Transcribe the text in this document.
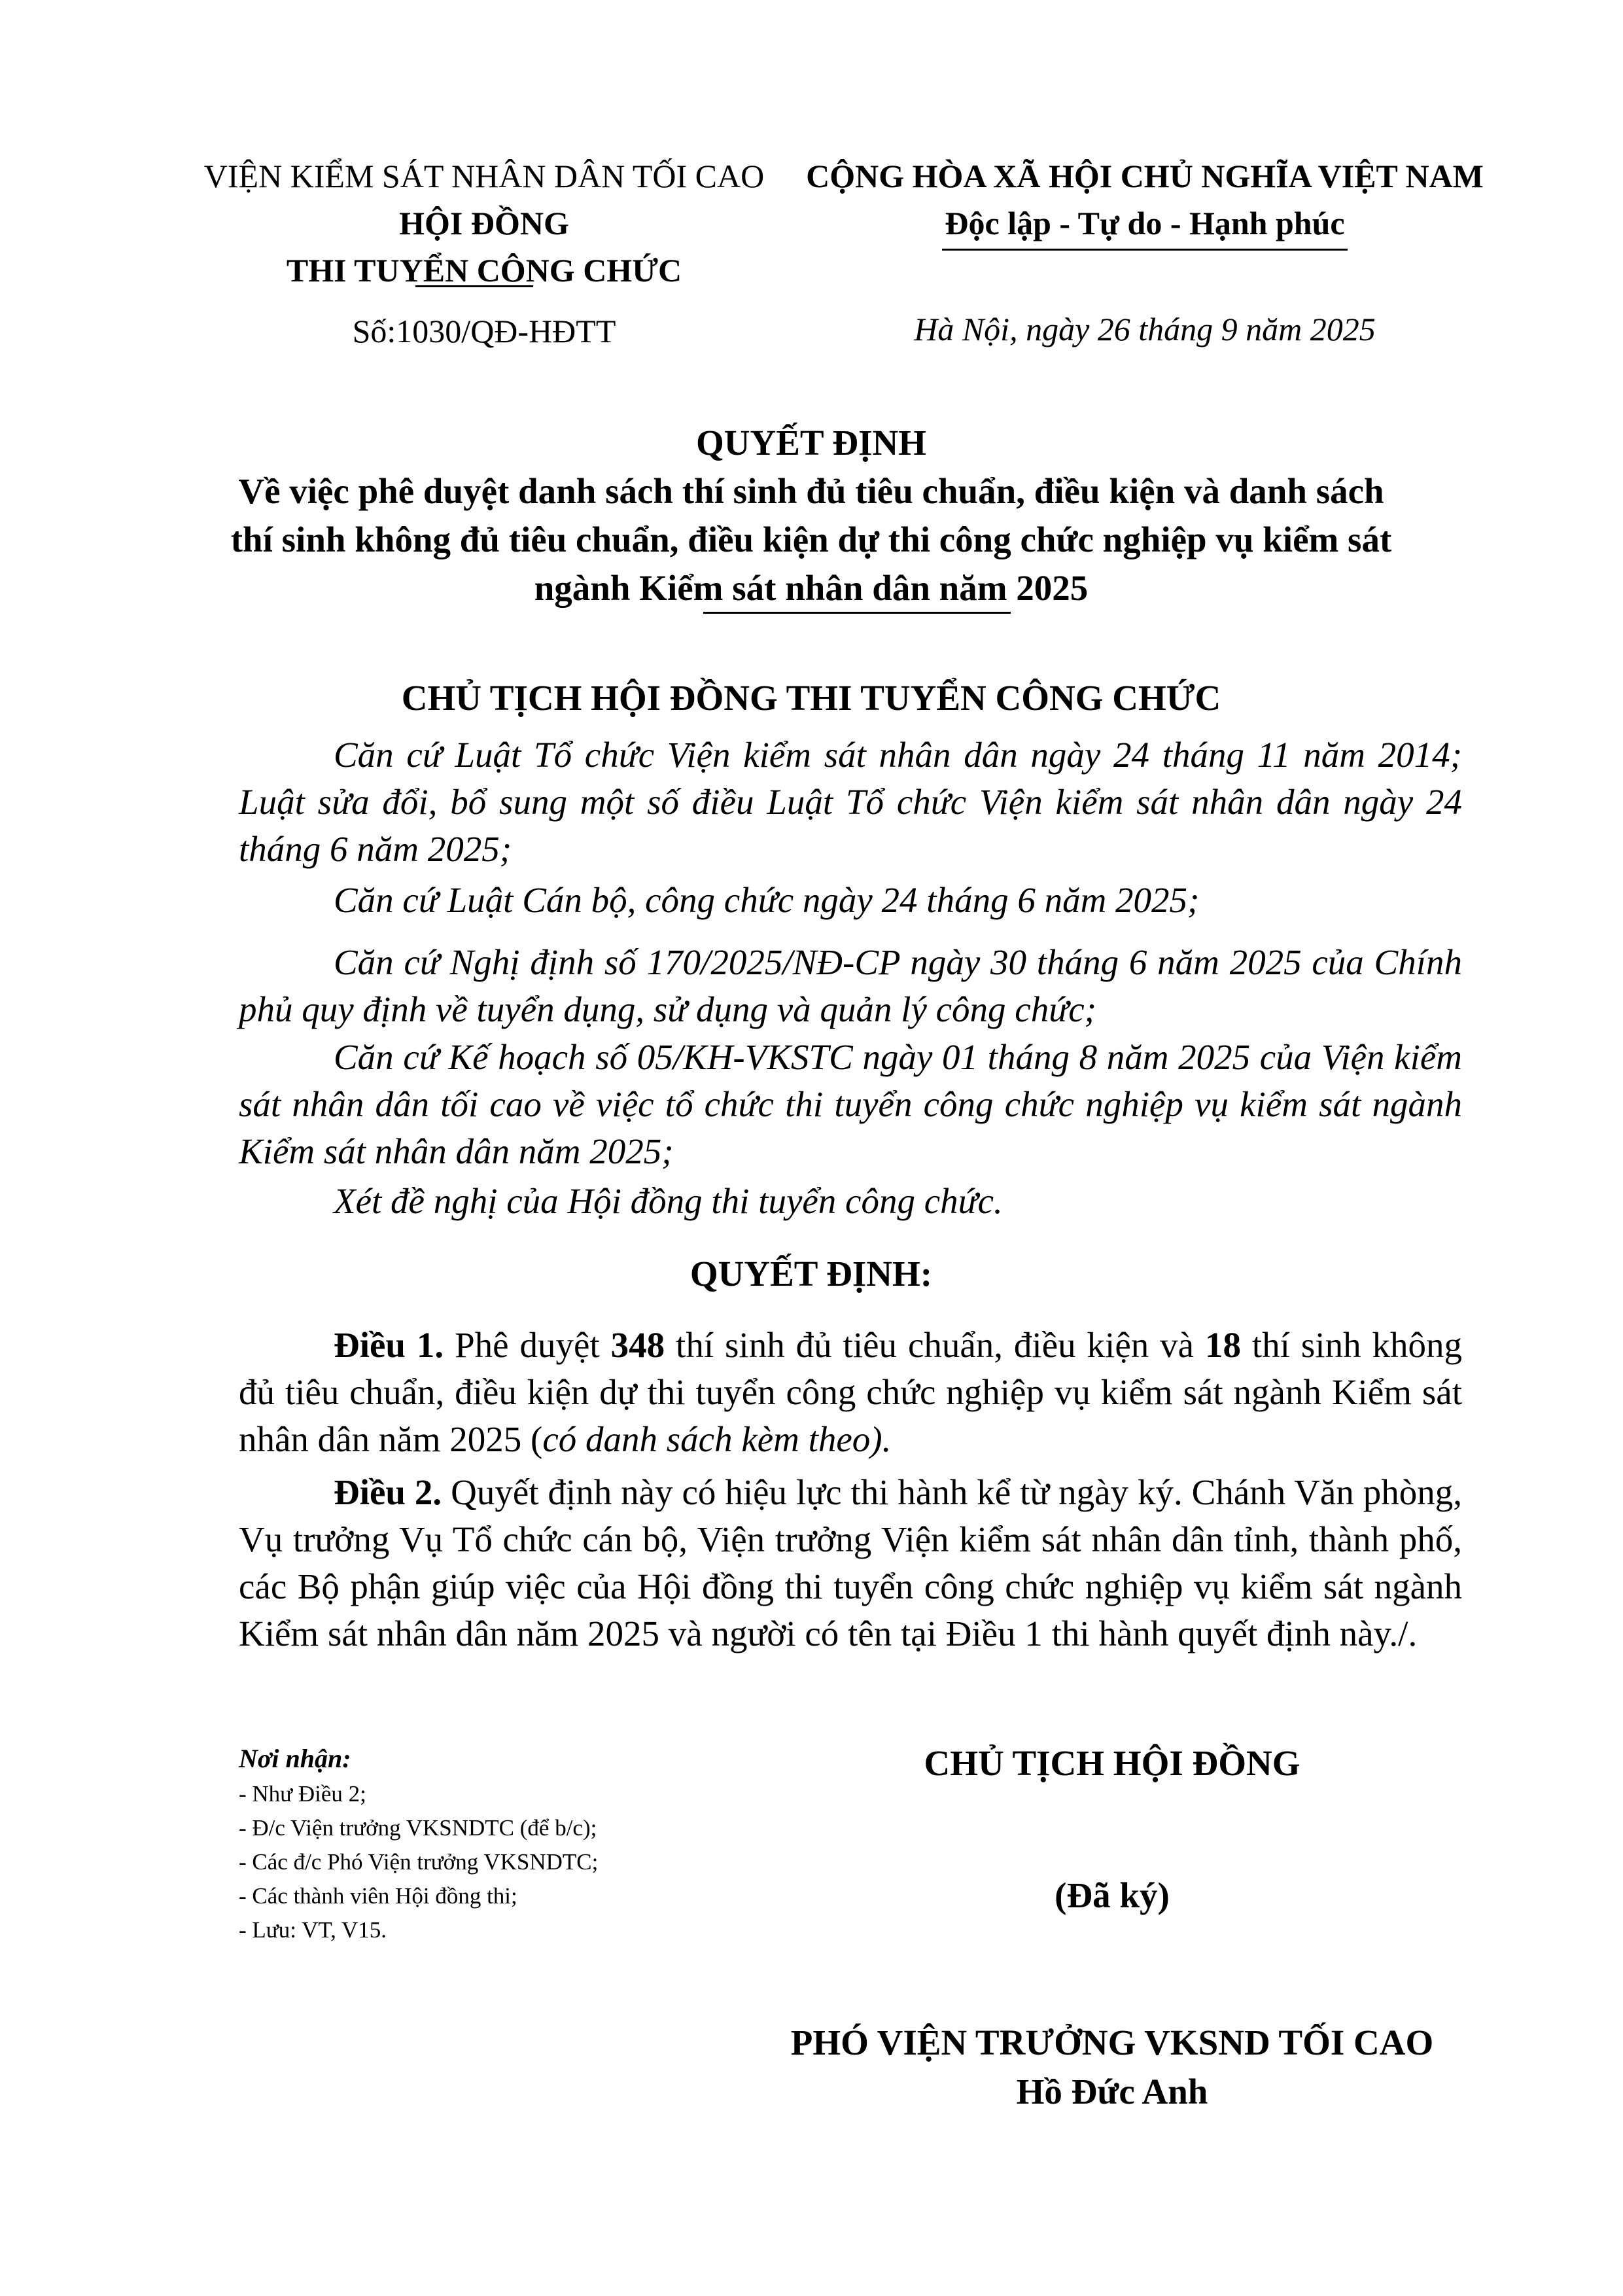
VIỆN KIỂM SÁT NHÂN DÂN TỐI CAO
HỘI ĐỒNG
THI TUYỂN CÔNG CHỨC
Số:1030/QĐ-HĐTT
CỘNG HÒA XÃ HỘI CHỦ NGHĨA VIỆT NAM
Độc lập - Tự do - Hạnh phúc
Hà Nội, ngày 26 tháng 9 năm 2025
QUYẾT ĐỊNH
Về việc phê duyệt danh sách thí sinh đủ tiêu chuẩn, điều kiện và danh sách
thí sinh không đủ tiêu chuẩn, điều kiện dự thi công chức nghiệp vụ kiểm sát
ngành Kiểm sát nhân dân năm 2025
CHỦ TỊCH HỘI ĐỒNG THI TUYỂN CÔNG CHỨC
Căn cứ Luật Tổ chức Viện kiểm sát nhân dân ngày 24 tháng 11 năm 2014; Luật sửa đổi, bổ sung một số điều Luật Tổ chức Viện kiểm sát nhân dân ngày 24 tháng 6 năm 2025;
Căn cứ Luật Cán bộ, công chức ngày 24 tháng 6 năm 2025;
Căn cứ Nghị định số 170/2025/NĐ-CP ngày 30 tháng 6 năm 2025 của Chính phủ quy định về tuyển dụng, sử dụng và quản lý công chức;
Căn cứ Kế hoạch số 05/KH-VKSTC ngày 01 tháng 8 năm 2025 của Viện kiểm sát nhân dân tối cao về việc tổ chức thi tuyển công chức nghiệp vụ kiểm sát ngành Kiểm sát nhân dân năm 2025;
Xét đề nghị của Hội đồng thi tuyển công chức.
QUYẾT ĐỊNH:
Điều 1. Phê duyệt 348 thí sinh đủ tiêu chuẩn, điều kiện và 18 thí sinh không đủ tiêu chuẩn, điều kiện dự thi tuyển công chức nghiệp vụ kiểm sát ngành Kiểm sát nhân dân năm 2025 (có danh sách kèm theo).
Điều 2. Quyết định này có hiệu lực thi hành kể từ ngày ký. Chánh Văn phòng, Vụ trưởng Vụ Tổ chức cán bộ, Viện trưởng Viện kiểm sát nhân dân tỉnh, thành phố, các Bộ phận giúp việc của Hội đồng thi tuyển công chức nghiệp vụ kiểm sát ngành Kiểm sát nhân dân năm 2025 và người có tên tại Điều 1 thi hành quyết định này./.
Nơi nhận:
- Như Điều 2;
- Đ/c Viện trưởng VKSNDTC (để b/c);
- Các đ/c Phó Viện trưởng VKSNDTC;
- Các thành viên Hội đồng thi;
- Lưu: VT, V15.
CHỦ TỊCH HỘI ĐỒNG
(Đã ký)
PHÓ VIỆN TRƯỞNG VKSND TỐI CAO
Hồ Đức Anh
